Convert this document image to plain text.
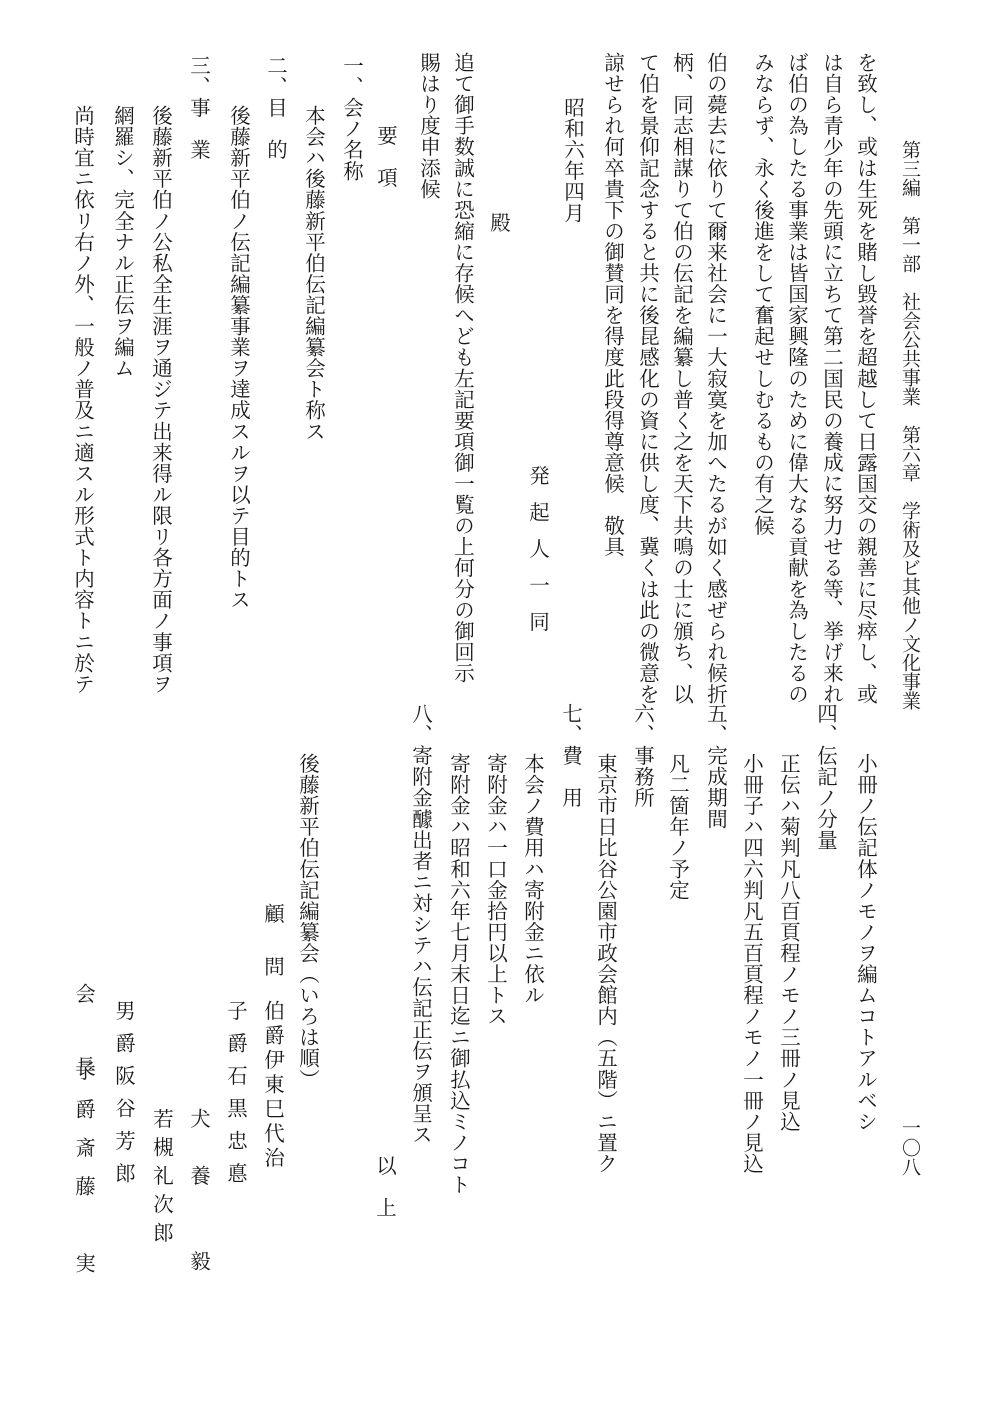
第三編　第一部　社会公共事業　第六章　学術及ビ其他ノ文化事業
一〇八
を致し、或は生死を賭し毀誉を超越して日露国交の親善に尽瘁し、或
は自ら青少年の先頭に立ちて第二国民の養成に努力せる等、挙げ来れ
ば伯の為したる事業は皆国家興隆のために偉大なる貢献を為したるの
みならず、永く後進をして奮起せしむるもの有之候
伯の薨去に依りて爾来社会に一大寂寞を加へたるが如く感ぜられ候折
柄、同志相謀りて伯の伝記を編纂し普く之を天下共鳴の士に頒ち、以
て伯を景仰記念すると共に後昆感化の資に供し度、冀くは此の微意を
諒せられ何卒貴下の御賛同を得度此段得尊意候　敬具
昭和六年四月
発起人一同
殿
追て御手数誠に恐縮に存候へども左記要項御一覧の上何分の御回示
賜はり度申添候
要　項
一、会ノ名称
本会ハ後藤新平伯伝記編纂会ト称ス
二、目　的
後藤新平伯ノ伝記編纂事業ヲ達成スルヲ以テ目的トス
三、事　業
後藤新平伯ノ公私全生涯ヲ通ジテ出来得ル限リ各方面ノ事項ヲ
網羅シ、完全ナル正伝ヲ編ム
尚時宜ニ依リ右ノ外、一般ノ普及ニ適スル形式ト内容トニ於テ
小冊ノ伝記体ノモノヲ編ムコトアルベシ
四、伝記ノ分量
正伝ハ菊判凡八百頁程ノモノ三冊ノ見込
小冊子ハ四六判凡五百頁程ノモノ一冊ノ見込
五、完成期間
凡二箇年ノ予定
六、事務所
東京市日比谷公園市政会館内（五階）ニ置ク
七、費　用
本会ノ費用ハ寄附金ニ依ル
寄附金ハ一口金拾円以上トス
寄附金ハ昭和六年七月末日迄ニ御払込ミノコト
八、寄附金醵出者ニ対シテハ伝記正伝ヲ頒呈ス
以　上
後藤新平伯伝記編纂会（いろは順）
顧　問
伯爵伊東巳代治
子爵石黒忠悳
犬　養　　毅
若槻礼次郎
男爵阪谷芳郎
会　長
子爵斎藤　実
